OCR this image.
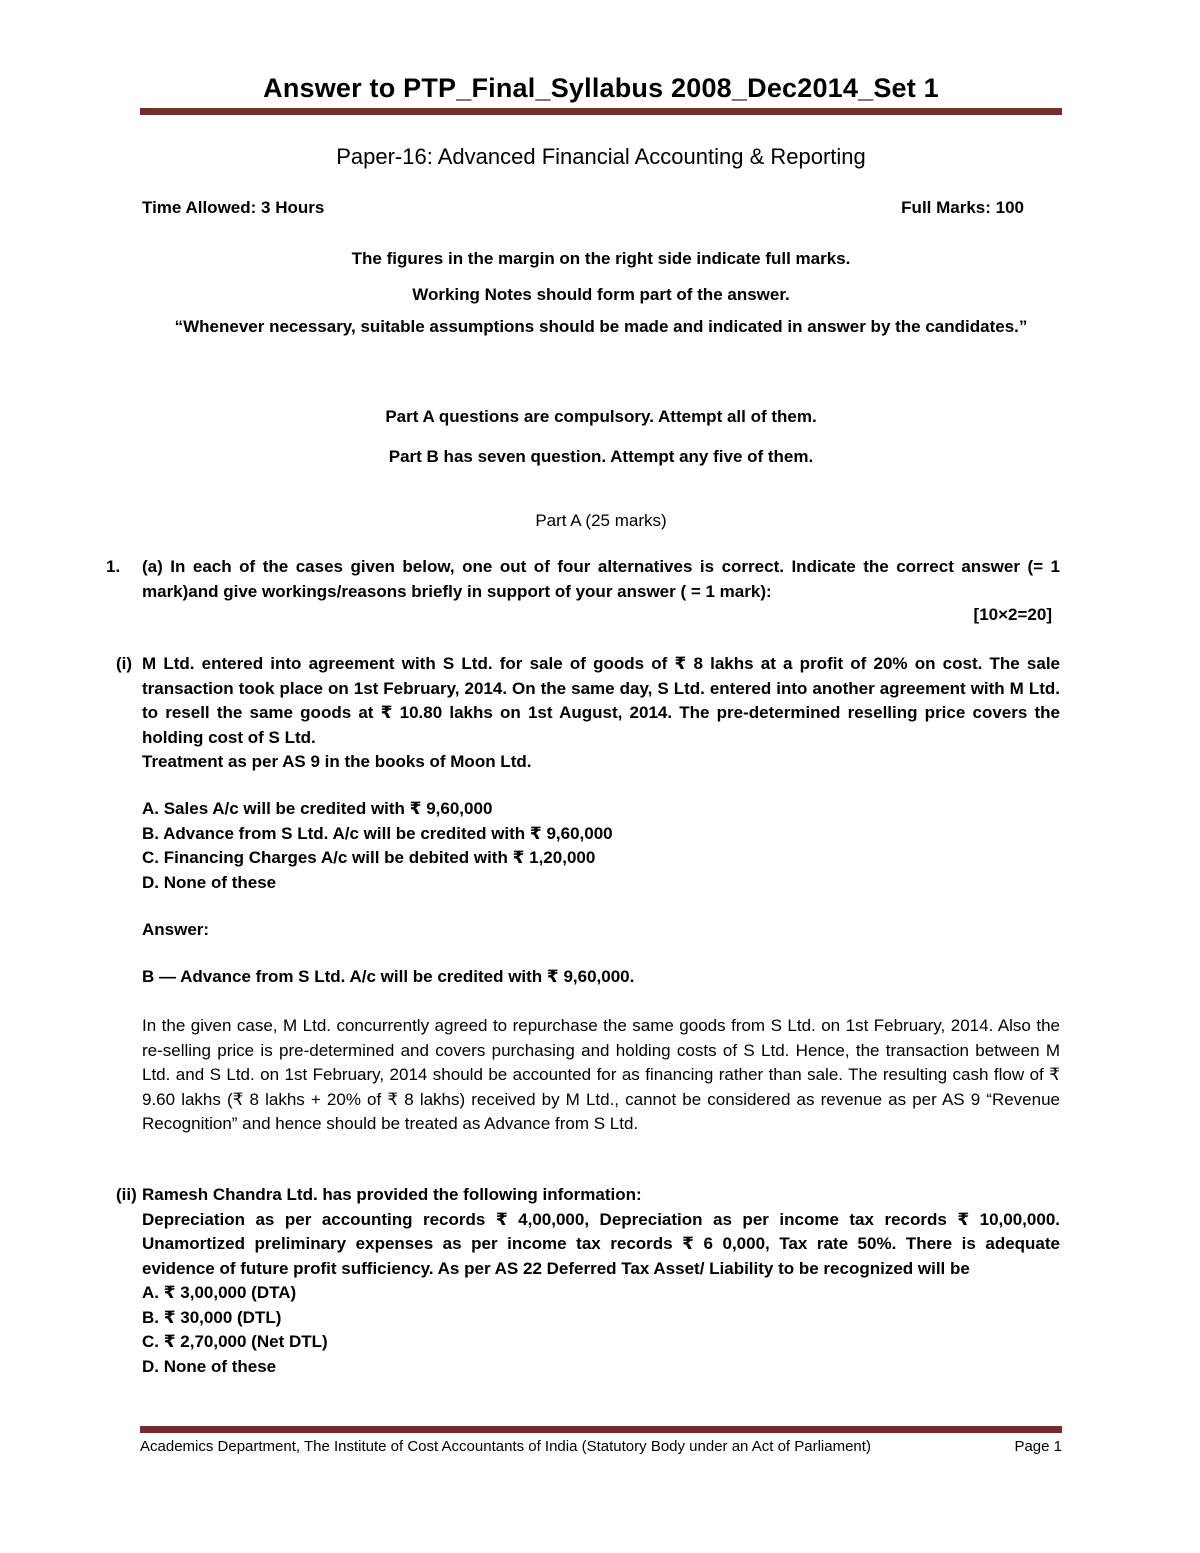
Answer to PTP_Final_Syllabus 2008_Dec2014_Set 1
Paper-16: Advanced Financial Accounting & Reporting
Time Allowed: 3 Hours	Full Marks: 100
The figures in the margin on the right side indicate full marks.
Working Notes should form part of the answer.
“Whenever necessary, suitable assumptions should be made and indicated in answer by the candidates.”
Part A questions are compulsory. Attempt all of them.
Part B has seven question. Attempt any five of them.
Part A (25 marks)
1. (a) In each of the cases given below, one out of four alternatives is correct. Indicate the correct answer (= 1 mark)and give workings/reasons briefly in support of your answer ( = 1 mark):

[10×2=20]
(i) M Ltd. entered into agreement with S Ltd. for sale of goods of ₹ 8 lakhs at a profit of 20% on cost. The sale transaction took place on 1st February, 2014. On the same day, S Ltd. entered into another agreement with M Ltd. to resell the same goods at ₹ 10.80 lakhs on 1st August, 2014. The pre-determined reselling price covers the holding cost of S Ltd.

Treatment as per AS 9 in the books of Moon Ltd.

A. Sales A/c will be credited with ₹ 9,60,000
B. Advance from S Ltd. A/c will be credited with ₹ 9,60,000
C. Financing Charges A/c will be debited with ₹ 1,20,000
D. None of these
Answer:
B — Advance from S Ltd. A/c will be credited with ₹ 9,60,000.
In the given case, M Ltd. concurrently agreed to repurchase the same goods from S Ltd. on 1st February, 2014. Also the re-selling price is pre-determined and covers purchasing and holding costs of S Ltd. Hence, the transaction between M Ltd. and S Ltd. on 1st February, 2014 should be accounted for as financing rather than sale. The resulting cash flow of ₹ 9.60 lakhs (₹ 8 lakhs + 20% of ₹ 8 lakhs) received by M Ltd., cannot be considered as revenue as per AS 9 “Revenue Recognition” and hence should be treated as Advance from S Ltd.
(ii) Ramesh Chandra Ltd. has provided the following information:

Depreciation as per accounting records ₹ 4,00,000, Depreciation as per income tax records ₹ 10,00,000. Unamortized preliminary expenses as per income tax records ₹ 6 0,000, Tax rate 50%. There is adequate evidence of future profit sufficiency. As per AS 22 Deferred Tax Asset/ Liability to be recognized will be

A. ₹ 3,00,000 (DTA)
B. ₹ 30,000 (DTL)
C. ₹ 2,70,000 (Net DTL)
D. None of these
Academics Department, The Institute of Cost Accountants of India (Statutory Body under an Act of Parliament)	Page 1
